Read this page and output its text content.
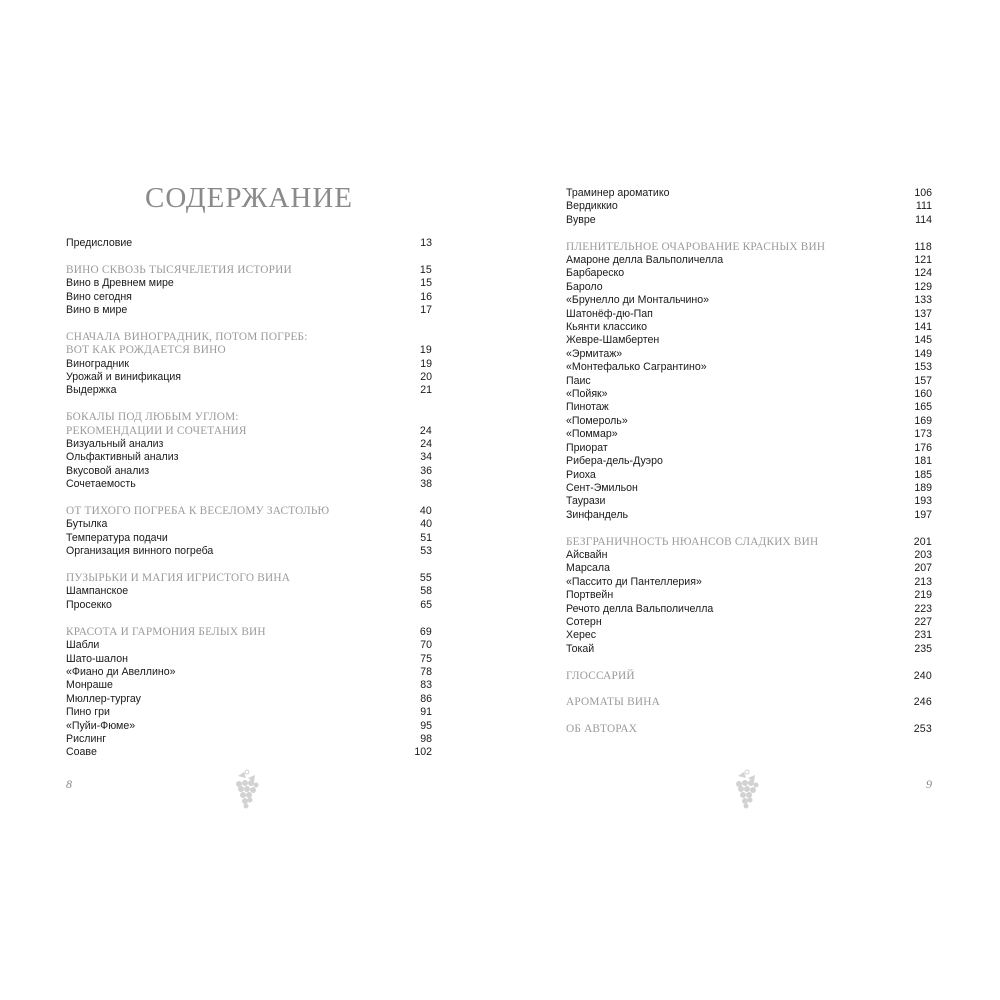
СОДЕРЖАНИЕ
Предисловие	13
ВИНО СКВОЗЬ ТЫСЯЧЕЛЕТИЯ ИСТОРИИ	15
Вино в Древнем мире	15
Вино сегодня	16
Вино в мире	17
СНАЧАЛА ВИНОГРАДНИК, ПОТОМ ПОГРЕБ:
ВОТ КАК РОЖДАЕТСЯ ВИНО	19
Виноградник	19
Урожай и винификация	20
Выдержка	21
БОКАЛЫ ПОД ЛЮБЫМ УГЛОМ:
РЕКОМЕНДАЦИИ И СОЧЕТАНИЯ	24
Визуальный анализ	24
Ольфактивный анализ	34
Вкусовой анализ	36
Сочетаемость	38
ОТ ТИХОГО ПОГРЕБА К ВЕСЕЛОМУ ЗАСТОЛЬЮ	40
Бутылка	40
Температура подачи	51
Организация винного погреба	53
ПУЗЫРЬКИ И МАГИЯ ИГРИСТОГО ВИНА	55
Шампанское	58
Просекко	65
КРАСОТА И ГАРМОНИЯ БЕЛЫХ ВИН	69
Шабли	70
Шато-шалон	75
«Фиано ди Авеллино»	78
Монраше	83
Мюллер-тургау	86
Пино гри	91
«Пуйи-Фюме»	95
Рислинг	98
Соаве	102
Траминер ароматико	106
Вердиккио	111
Вувре	114
ПЛЕНИТЕЛЬНОЕ ОЧАРОВАНИЕ КРАСНЫХ ВИН	118
Амароне делла Вальполичелла	121
Барбареско	124
Бароло	129
«Брунелло ди Монтальчино»	133
Шатонёф-дю-Пап	137
Кьянти классико	141
Жевре-Шамбертен	145
«Эрмитаж»	149
«Монтефалько Сагрантино»	153
Паис	157
«Пойяк»	160
Пинотаж	165
«Помероль»	169
«Поммар»	173
Приорат	176
Рибера-дель-Дуэро	181
Риоха	185
Сент-Эмильон	189
Таурази	193
Зинфандель	197
БЕЗГРАНИЧНОСТЬ НЮАНСОВ СЛАДКИХ ВИН	201
Айсвайн	203
Марсала	207
«Пассито ди Пантеллерия»	213
Портвейн	219
Речото делла Вальполичелла	223
Сотерн	227
Херес	231
Токай	235
ГЛОССАРИЙ	240
АРОМАТЫ ВИНА	246
ОБ АВТОРАХ	253
8	9
